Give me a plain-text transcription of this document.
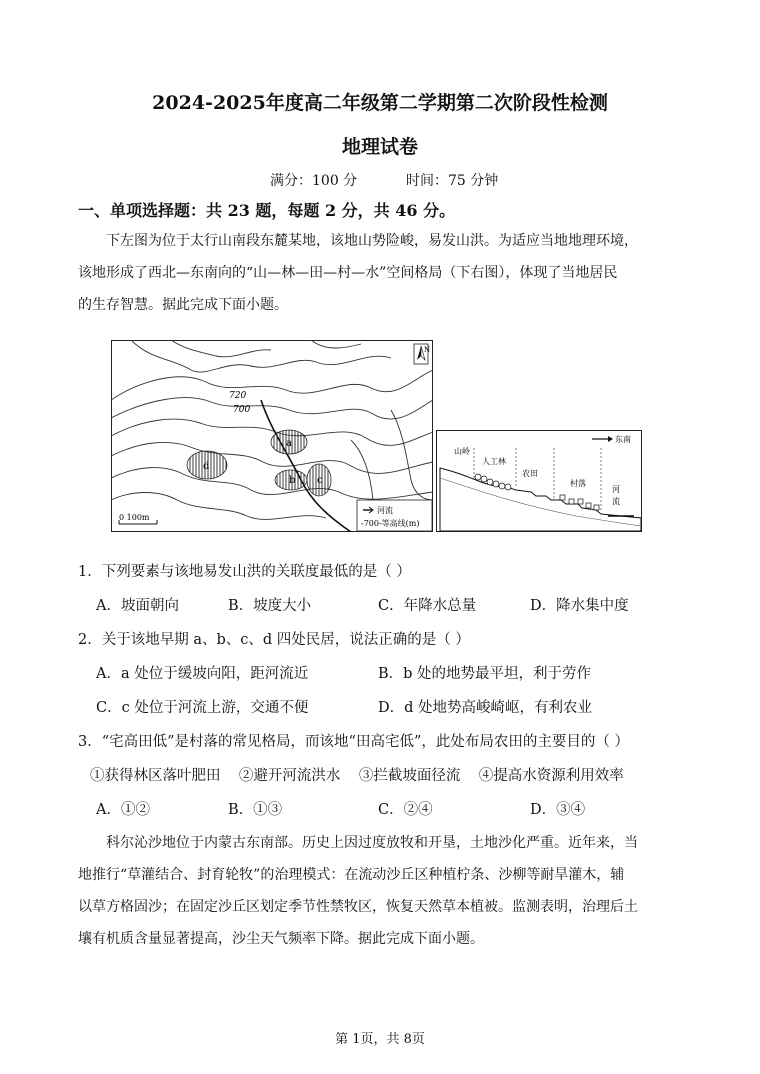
2024-2025年度高二年级第二学期第二次阶段性检测
地理试卷
满分：100 分	时间：75 分钟
一、单项选择题：共 23 题，每题 2 分，共 46 分。
下左图为位于太行山南段东麓某地，该地山势险峻，易发山洪。为适应当地地理环境，
该地形成了西北—东南向的“山—林—田—村—水”空间格局（下右图），体现了当地居民
的生存智慧。据此完成下面小题。
a
b c
d
720
700
N
0 100m
河流
-700-等高线(m)
东南
山岭
人工林
农田
村落
河
流
1．下列要素与该地易发山洪的关联度最低的是（ ）
A．坡面朝向	B．坡度大小	C．年降水总量	D．降水集中度
2．关于该地早期 a、b、c、d 四处民居，说法正确的是（ ）
A．a 处位于缓坡向阳，距河流近	B．b 处的地势最平坦，利于劳作
C．c 处位于河流上游，交通不便	D．d 处地势高峻崎岖，有利农业
3．“宅高田低”是村落的常见格局，而该地“田高宅低”，此处布局农田的主要目的（ ）
①获得林区落叶肥田    ②避开河流洪水    ③拦截坡面径流    ④提高水资源利用效率
A．①②	B．①③	C．②④	D．③④
科尔沁沙地位于内蒙古东南部。历史上因过度放牧和开垦，土地沙化严重。近年来，当
地推行“草灌结合、封育轮牧”的治理模式：在流动沙丘区种植柠条、沙柳等耐旱灌木，辅
以草方格固沙；在固定沙丘区划定季节性禁牧区，恢复天然草本植被。监测表明，治理后土
壤有机质含量显著提高，沙尘天气频率下降。据此完成下面小题。
第 1页，共 8页
